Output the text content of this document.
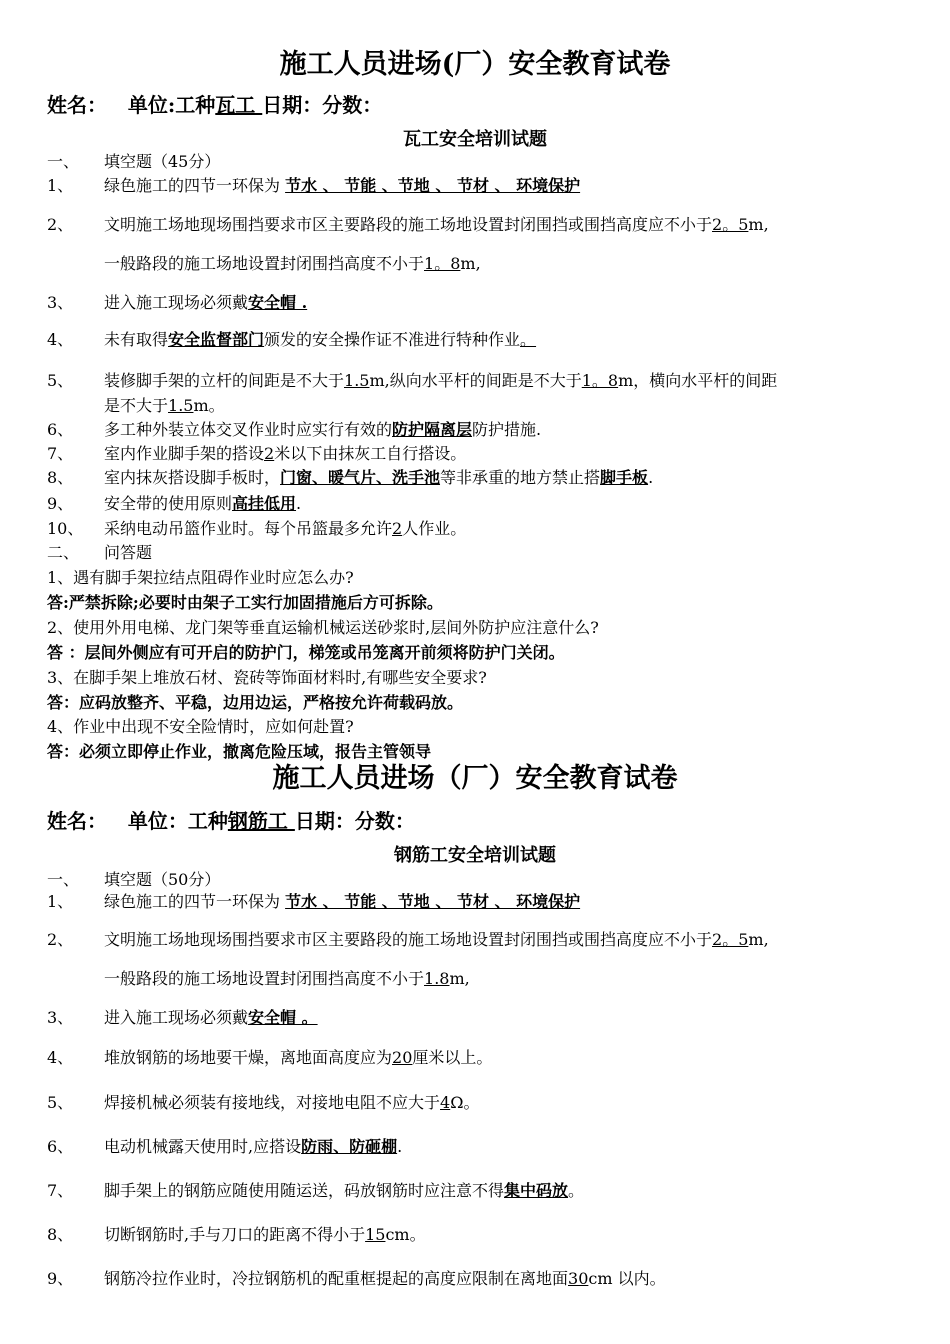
施工人员进场(厂）安全教育试卷
姓名： 单位:工种瓦工 日期：分数：
瓦工安全培训试题
一、 填空题（45分）
1、 绿色施工的四节一环保为 节水 、 节能 、节地 、 节材 、 环境保护
2、 文明施工场地现场围挡要求市区主要路段的施工场地设置封闭围挡或围挡高度应不小于2。5m,
一般路段的施工场地设置封闭围挡高度不小于1。8m,
3、 进入施工现场必须戴安全帽 .
4、 未有取得安全监督部门颁发的安全操作证不准进行特种作业。
5、 装修脚手架的立杆的间距是不大于1.5m,纵向水平杆的间距是不大于1。8m，横向水平杆的间距
是不大于1.5m。
6、 多工种外装立体交叉作业时应实行有效的防护隔离层防护措施.
7、 室内作业脚手架的搭设2米以下由抹灰工自行搭设。
8、 室内抹灰搭设脚手板时，门窗、暖气片、洗手池等非承重的地方禁止搭脚手板.
9、 安全带的使用原则高挂低用.
10、 采纳电动吊篮作业时。每个吊篮最多允许2人作业。
二、 问答题
1、遇有脚手架拉结点阻碍作业时应怎么办?
答:严禁拆除;必要时由架子工实行加固措施后方可拆除。
2、使用外用电梯、龙门架等垂直运输机械运送砂浆时,层间外防护应注意什么?
答 ：层间外侧应有可开启的防护门，梯笼或吊笼离开前须将防护门关闭。
3、在脚手架上堆放石材、瓷砖等饰面材料时,有哪些安全要求?
答：应码放整齐、平稳，边用边运，严格按允许荷载码放。
4、作业中出现不安全险情时，应如何赴置?
答：必须立即停止作业，撤离危险压域，报告主管领导
施工人员进场（厂）安全教育试卷
姓名： 单位：工种钢筋工 日期：分数：
钢筋工安全培训试题
一、 填空题（50分）
1、 绿色施工的四节一环保为 节水 、 节能 、节地 、 节材 、 环境保护
2、 文明施工场地现场围挡要求市区主要路段的施工场地设置封闭围挡或围挡高度应不小于2。5m,
一般路段的施工场地设置封闭围挡高度不小于1.8m,
3、 进入施工现场必须戴安全帽 。
4、 堆放钢筋的场地要干燥，离地面高度应为20厘米以上。
5、 焊接机械必须装有接地线，对接地电阻不应大于4Ω。
6、 电动机械露天使用时,应搭设防雨、防砸棚.
7、 脚手架上的钢筋应随使用随运送，码放钢筋时应注意不得集中码放。
8、 切断钢筋时,手与刀口的距离不得小于15cm。
9、 钢筋冷拉作业时，冷拉钢筋机的配重框提起的高度应限制在离地面30cm 以内。
